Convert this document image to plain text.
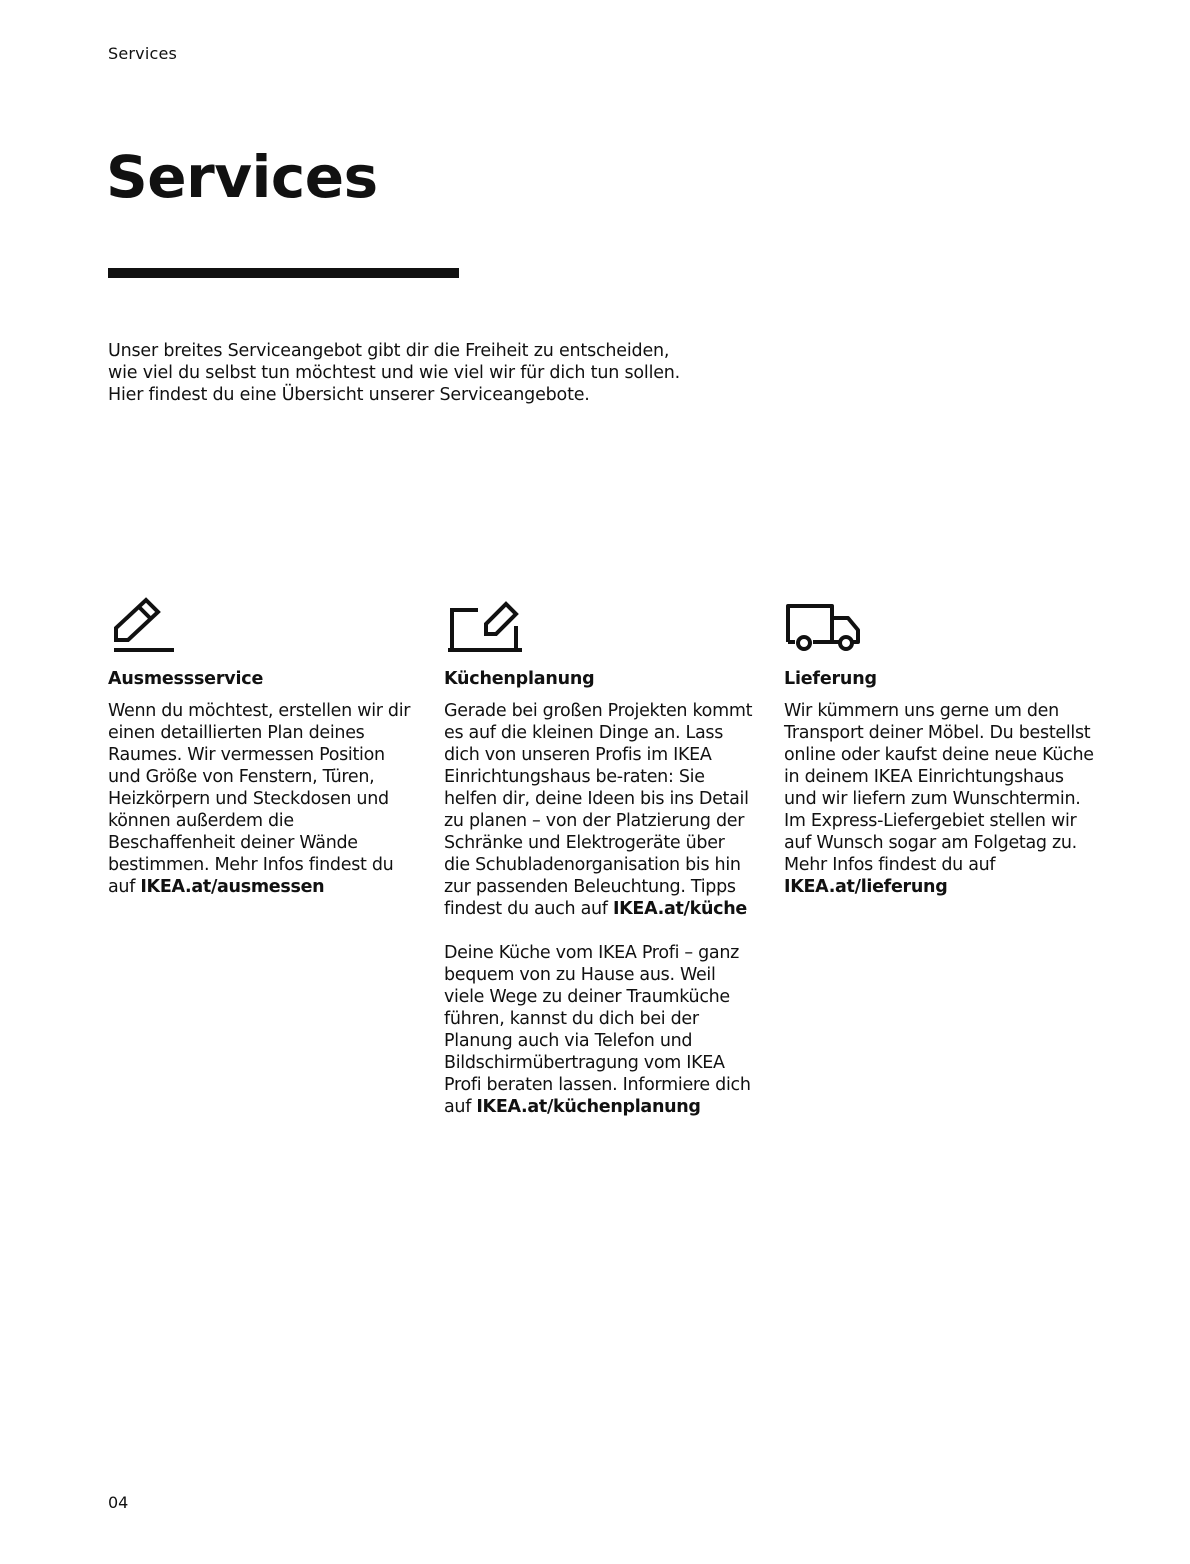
Services
Services

Unser breites Serviceangebot gibt dir die Freiheit zu entscheiden,

wie viel du selbst tun möchtest und wie viel wir für dich tun sollen.

Hier findest du eine Übersicht unserer Serviceangebote.

Ausmessservice

Wenn du möchtest, erstellen wir dir einen detaillierten Plan deines Raumes. Wir vermessen Position und Größe von Fenstern, Türen, Heizkörpern und Steckdosen und können außerdem die Beschaffenheit deiner Wände bestimmen. Mehr Infos findest du auf IKEA.at/ausmessen

Küchenplanung

Gerade bei großen Projekten kommt es auf die kleinen Dinge an. Lass dich von unseren Profis im IKEA Einrichtungshaus be-raten: Sie helfen dir, deine Ideen bis ins Detail zu planen – von der Platzierung der Schränke und Elektrogeräte über die Schubladenorganisation bis hin zur passenden Beleuchtung. Tipps findest du auch auf IKEA.at/küche

Deine Küche vom IKEA Profi – ganz bequem von zu Hause aus. Weil viele Wege zu deiner Traumküche führen, kannst du dich bei der Planung auch via Telefon und Bildschirmübertragung vom IKEA Profi beraten lassen. Informiere dich auf IKEA.at/küchenplanung

Lieferung

Wir kümmern uns gerne um den Transport deiner Möbel. Du bestellst online oder kaufst deine neue Küche in deinem IKEA Einrichtungshaus und wir liefern zum Wunschtermin. Im Express-Liefergebiet stellen wir auf Wunsch sogar am Folgetag zu. Mehr Infos findest du auf IKEA.at/lieferung

04
